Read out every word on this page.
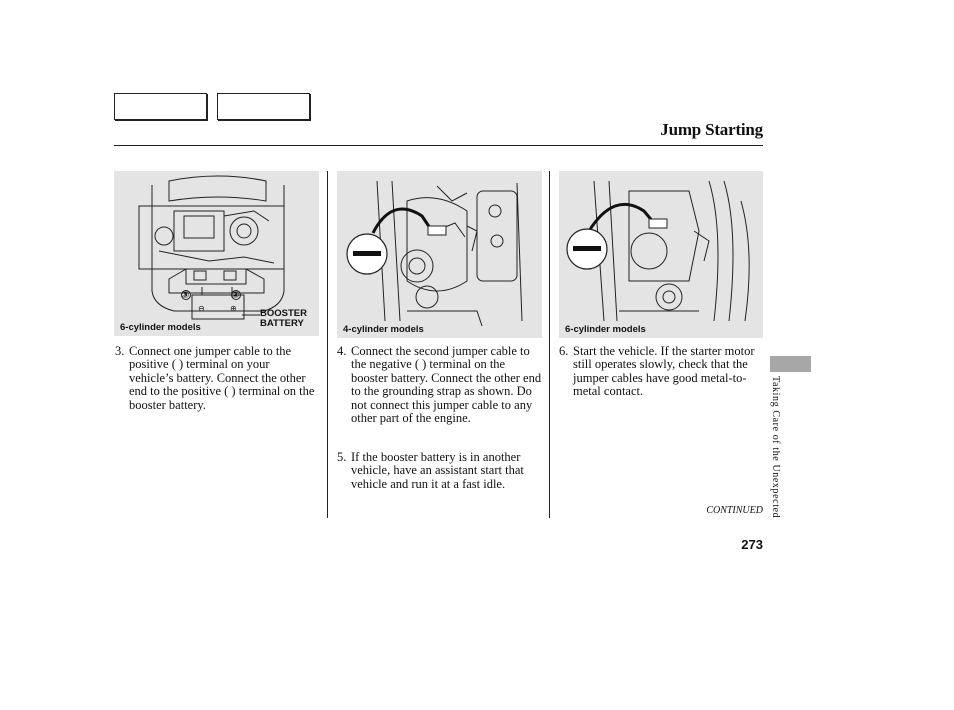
Jump Starting
⊖	⊕
③	②
BOOSTER
BATTERY
6-cylinder models	4-cylinder models	6-cylinder models
3. Connect one jumper cable to the positive ( ) terminal on your vehicle’s battery. Connect the other end to the positive ( ) terminal on the booster battery.
4. Connect the second jumper cable to the negative ( ) terminal on the booster battery. Connect the other end to the grounding strap as shown. Do not connect this jumper cable to any other part of the engine.
5. If the booster battery is in another vehicle, have an assistant start that vehicle and run it at a fast idle.
6. Start the vehicle. If the starter motor still operates slowly, check that the jumper cables have good metal-to-metal contact.	Taking Care of the Unexpected
CONTINUED
273
